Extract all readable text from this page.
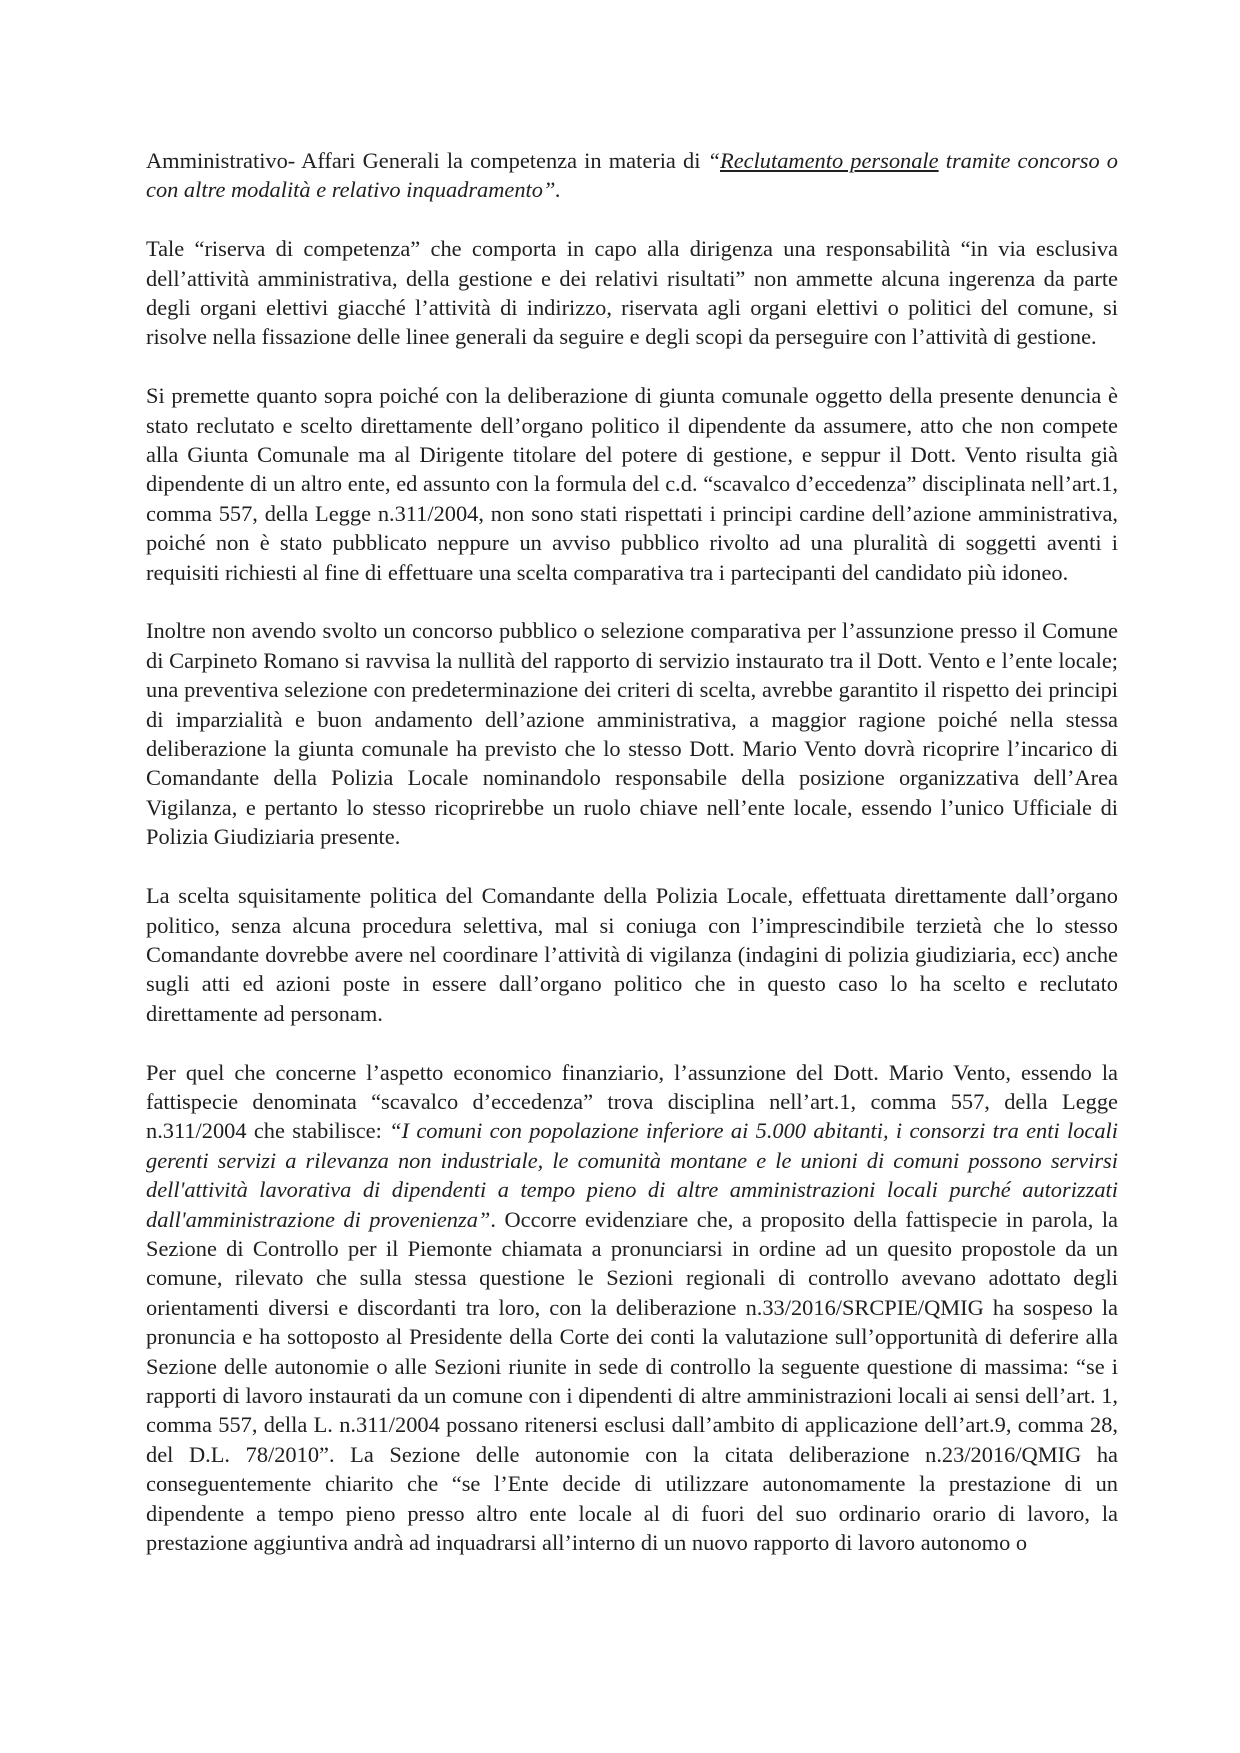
Amministrativo- Affari Generali la competenza in materia di “Reclutamento personale tramite concorso o con altre modalità e relativo inquadramento”.

Tale “riserva di competenza” che comporta in capo alla dirigenza una responsabilità “in via esclusiva dell’attività amministrativa, della gestione e dei relativi risultati” non ammette alcuna ingerenza da parte degli organi elettivi giacché l’attività di indirizzo, riservata agli organi elettivi o politici del comune, si risolve nella fissazione delle linee generali da seguire e degli scopi da perseguire con l’attività di gestione.

Si premette quanto sopra poiché con la deliberazione di giunta comunale oggetto della presente denuncia è stato reclutato e scelto direttamente dell’organo politico il dipendente da assumere, atto che non compete alla Giunta Comunale ma al Dirigente titolare del potere di gestione, e seppur il Dott. Vento risulta già dipendente di un altro ente, ed assunto con la formula del c.d. “scavalco d’eccedenza” disciplinata nell’art.1, comma 557, della Legge n.311/2004, non sono stati rispettati i principi cardine dell’azione amministrativa, poiché non è stato pubblicato neppure un avviso pubblico rivolto ad una pluralità di soggetti aventi i requisiti richiesti al fine di effettuare una scelta comparativa tra i partecipanti del candidato più idoneo.

Inoltre non avendo svolto un concorso pubblico o selezione comparativa per l’assunzione presso il Comune di Carpineto Romano si ravvisa la nullità del rapporto di servizio instaurato tra il Dott. Vento e l’ente locale; una preventiva selezione con predeterminazione dei criteri di scelta, avrebbe garantito il rispetto dei principi di imparzialità e buon andamento dell’azione amministrativa, a maggior ragione poiché nella stessa deliberazione la giunta comunale ha previsto che lo stesso Dott. Mario Vento dovrà ricoprire l’incarico di Comandante della Polizia Locale nominandolo responsabile della posizione organizzativa dell’Area Vigilanza, e pertanto lo stesso ricoprirebbe un ruolo chiave nell’ente locale, essendo l’unico Ufficiale di Polizia Giudiziaria presente.

La scelta squisitamente politica del Comandante della Polizia Locale, effettuata direttamente dall’organo politico, senza alcuna procedura selettiva, mal si coniuga con l’imprescindibile terzietà che lo stesso Comandante dovrebbe avere nel coordinare l’attività di vigilanza (indagini di polizia giudiziaria, ecc) anche sugli atti ed azioni poste in essere dall’organo politico che in questo caso lo ha scelto e reclutato direttamente ad personam.

Per quel che concerne l’aspetto economico finanziario, l’assunzione del Dott. Mario Vento, essendo la fattispecie denominata “scavalco d’eccedenza” trova disciplina nell’art.1, comma 557, della Legge n.311/2004 che stabilisce: “I comuni con popolazione inferiore ai 5.000 abitanti, i consorzi tra enti locali gerenti servizi a rilevanza non industriale, le comunità montane e le unioni di comuni possono servirsi dell'attività lavorativa di dipendenti a tempo pieno di altre amministrazioni locali purché autorizzati dall'amministrazione di provenienza”. Occorre evidenziare che, a proposito della fattispecie in parola, la Sezione di Controllo per il Piemonte chiamata a pronunciarsi in ordine ad un quesito propostole da un comune, rilevato che sulla stessa questione le Sezioni regionali di controllo avevano adottato degli orientamenti diversi e discordanti tra loro, con la deliberazione n.33/2016/SRCPIE/QMIG ha sospeso la pronuncia e ha sottoposto al Presidente della Corte dei conti la valutazione sull’opportunità di deferire alla Sezione delle autonomie o alle Sezioni riunite in sede di controllo la seguente questione di massima: “se i rapporti di lavoro instaurati da un comune con i dipendenti di altre amministrazioni locali ai sensi dell’art. 1, comma 557, della L. n.311/2004 possano ritenersi esclusi dall’ambito di applicazione dell’art.9, comma 28, del D.L. 78/2010”. La Sezione delle autonomie con la citata deliberazione n.23/2016/QMIG ha conseguentemente chiarito che “se l’Ente decide di utilizzare autonomamente la prestazione di un dipendente a tempo pieno presso altro ente locale al di fuori del suo ordinario orario di lavoro, la prestazione aggiuntiva andrà ad inquadrarsi all’interno di un nuovo rapporto di lavoro autonomo o
